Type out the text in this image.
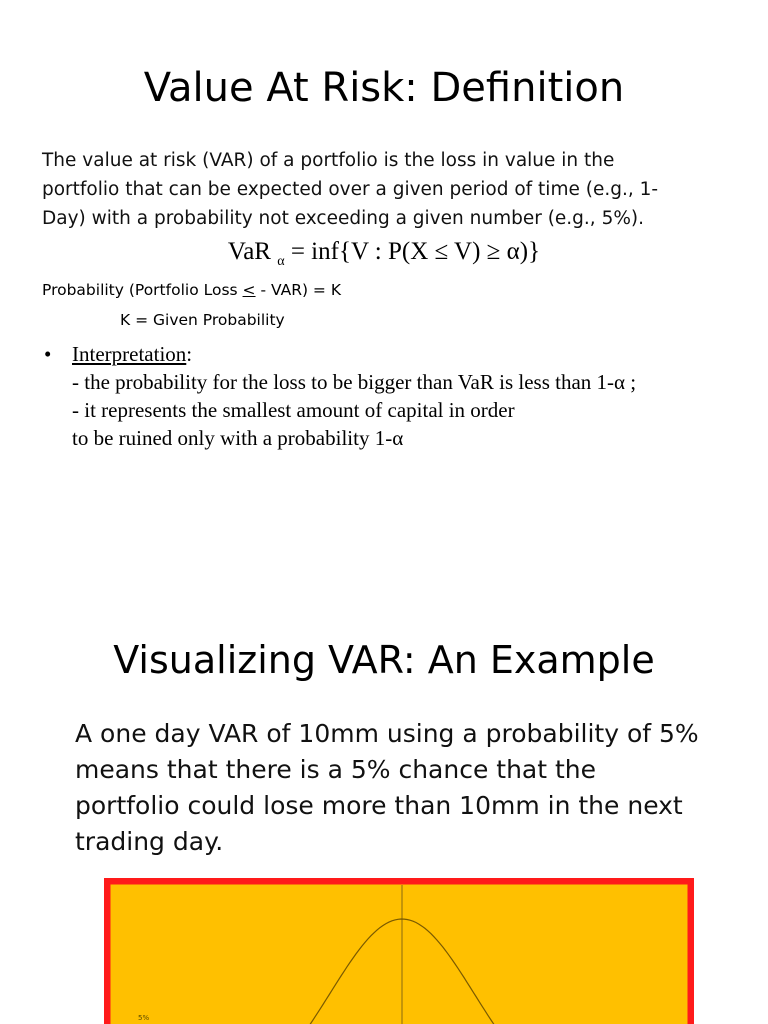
Value At Risk: Definition
The value at risk (VAR) of a portfolio is the loss in value in the
portfolio that can be expected over a given period of time (e.g., 1-
Day) with a probability not exceeding a given number (e.g., 5%).
VaR $_\alpha$ = inf{V : P(X ≤ V) ≥ α)}
Probability (Portfolio Loss < - VAR) = K
K = Given Probability
• Interpretation:
- the probability for the loss to be bigger than VaR is less than 1-α ;
- it represents the smallest amount of capital in order
to be ruined only with a probability 1-α
Visualizing VAR: An Example
A one day VAR of 10mm using a probability of 5%
means that there is a 5% chance that the
portfolio could lose more than 10mm in the next
trading day.
5%
